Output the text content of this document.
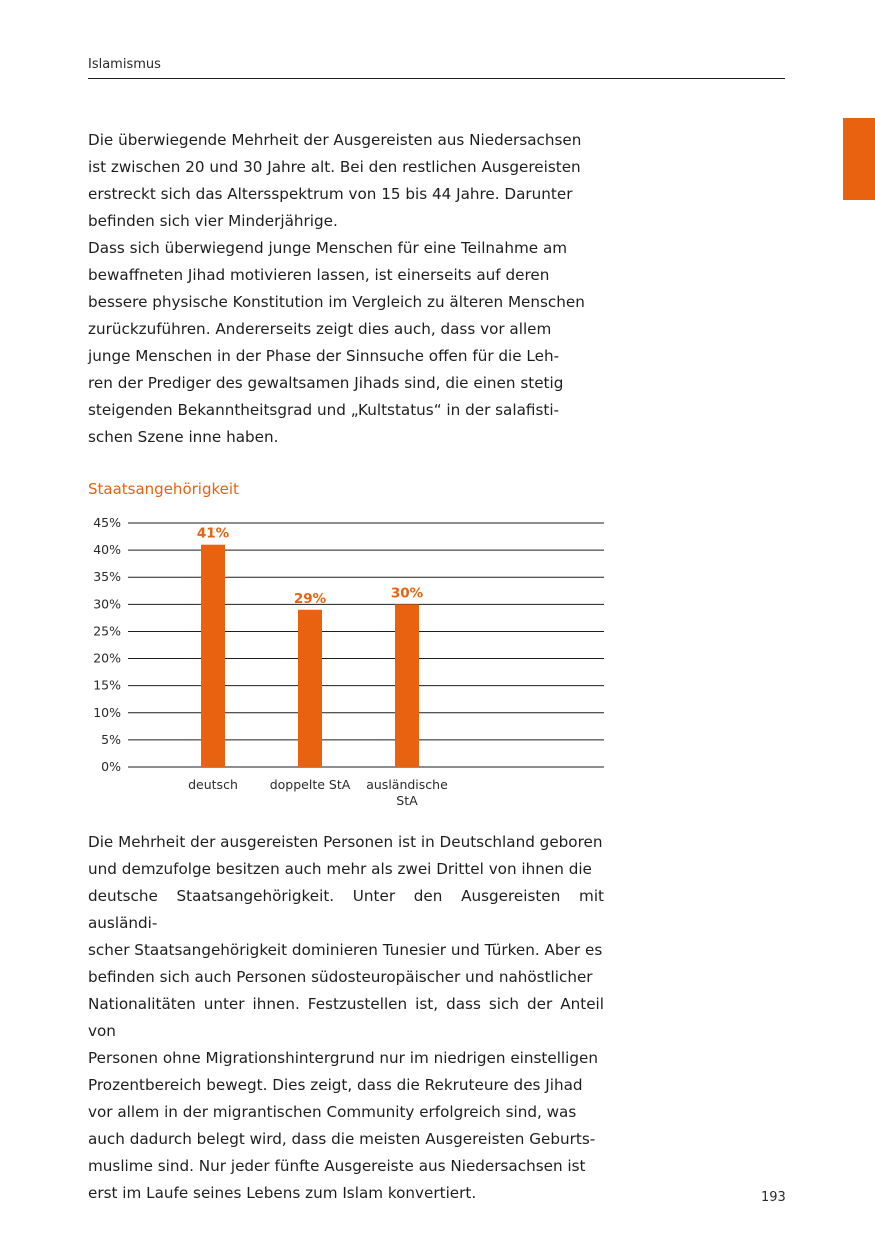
Islamismus

Die überwiegende Mehrheit der Ausgereisten aus Niedersachsen
ist zwischen 20 und 30 Jahre alt. Bei den restlichen Ausgereisten
erstreckt sich das Altersspektrum von 15 bis 44 Jahre. Darunter
befinden sich vier Minderjährige.
Dass sich überwiegend junge Menschen für eine Teilnahme am
bewaffneten Jihad motivieren lassen, ist einerseits auf deren
bessere physische Konstitution im Vergleich zu älteren Menschen
zurückzuführen. Andererseits zeigt dies auch, dass vor allem
junge Menschen in der Phase der Sinnsuche offen für die Leh-
ren der Prediger des gewaltsamen Jihads sind, die einen stetig
steigenden Bekanntheitsgrad und „Kultstatus“ in der salafisti-
schen Szene inne haben.

Staatsangehörigkeit
0%
5%
10%
15%
20%
25%
30%
35%
40%
45%
41%
deutsch
29%
doppelte StA
30%
ausländische
StA

Die Mehrheit der ausgereisten Personen ist in Deutschland geboren
und demzufolge besitzen auch mehr als zwei Drittel von ihnen die
deutsche Staatsangehörigkeit. Unter den Ausgereisten mit ausländi-
scher Staatsangehörigkeit dominieren Tunesier und Türken. Aber es
befinden sich auch Personen südosteuropäischer und nahöstlicher
Nationalitäten unter ihnen. Festzustellen ist, dass sich der Anteil von
Personen ohne Migrationshintergrund nur im niedrigen einstelligen
Prozentbereich bewegt. Dies zeigt, dass die Rekruteure des Jihad
vor allem in der migrantischen Community erfolgreich sind, was
auch dadurch belegt wird, dass die meisten Ausgereisten Geburts-
muslime sind. Nur jeder fünfte Ausgereiste aus Niedersachsen ist
erst im Laufe seines Lebens zum Islam konvertiert.	193
